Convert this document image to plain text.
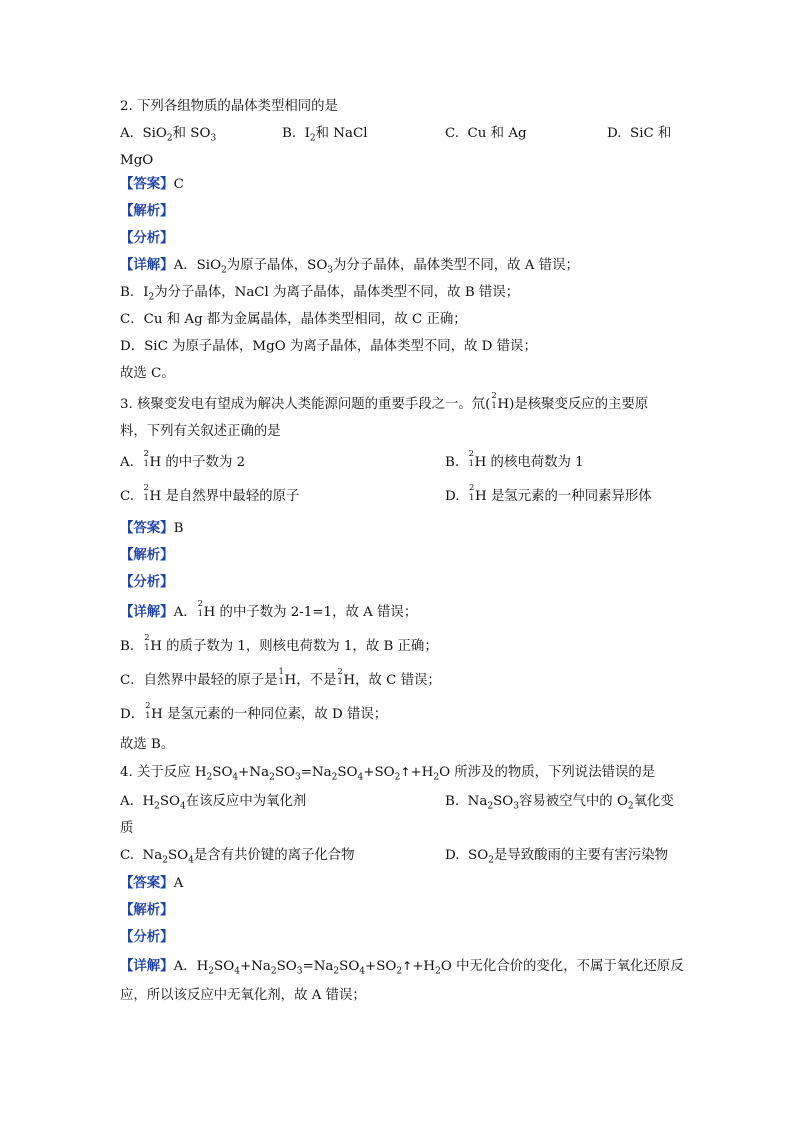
2. 下列各组物质的晶体类型相同的是
A. SiO$_2$和 $SO_3$	B. $I_2$和 NaCl	C. Cu 和 Ag	D. SiC 和
MgO
【答案】C
【解析】
【分析】
【详解】A．SiO$_2$为原子晶体，$SO_3$为分子晶体，晶体类型不同，故 A 错误；
B．$I_2$为分子晶体，NaCl 为离子晶体，晶体类型不同，故 B 错误；
C．Cu 和 Ag 都为金属晶体，晶体类型相同，故 C 正确；
D．SiC 为原子晶体，MgO 为离子晶体，晶体类型不同，故 D 错误；
故选 C。
3. 核聚变发电有望成为解决人类能源问题的重要手段之一。氘(
2
1 H)是核聚变反应的主要原
料，下列有关叙述正确的是
A.
2
1 H 的中子数为 2	B.
2
1 H 的核电荷数为 1
C.
2
1 H 是自然界中最轻的原子	D.
2
1 H 是氢元素的一种同素异形体
【答案】B
【解析】
【分析】
【详解】A．
2
1 H 的中子数为 2-1=1，故 A 错误；
B．
2
1 H 的质子数为 1，则核电荷数为 1，故 B 正确；
C．自然界中最轻的原子是
1
1 H，不是
2
1 H，故 C 错误；
D．
2
1 H 是氢元素的一种同位素，故 D 错误；
故选 B。
4. 关于反应 $H_2SO_4+Na_2SO_3=Na_2SO_4+SO_2↑+H_2O$ 所涉及的物质，下列说法错误的是
A. $H_2SO_4$在该反应中为氧化剂	B. $Na_2SO_3$容易被空气中的 $O_2$氧化变
质
C. $Na_2SO_4$是含有共价键的离子化合物	D. $SO_2$是导致酸雨的主要有害污染物
【答案】A
【解析】
【分析】
【详解】A．$H_2SO_4+Na_2SO_3=Na_2SO_4+SO_2↑+H_2O$ 中无化合价的变化，不属于氧化还原反
应，所以该反应中无氧化剂，故 A 错误；
